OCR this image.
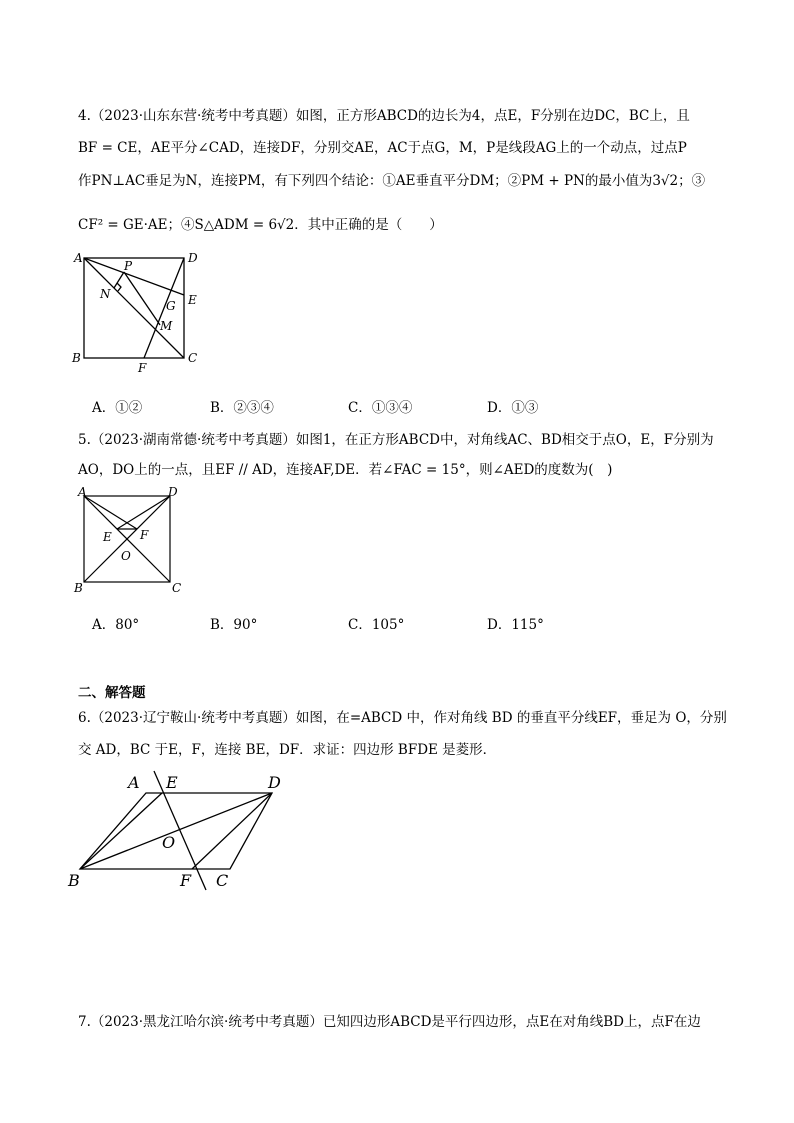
4.（2023·山东东营·统考中考真题）如图，正方形ABCD的边长为4，点E，F分别在边DC，BC上，且
BF = CE，AE平分∠CAD，连接DF，分别交AE，AC于点G，M，P是线段AG上的一个动点，过点P
作PN⊥AC垂足为N，连接PM，有下列四个结论：①AE垂直平分DM；②PM + PN的最小值为3√2；③
CF² = GE·AE；④S△ADM = 6√2．其中正确的是（　　）
A	D
C
B
E
F
G
M
N
P
A．①②	B．②③④	C．①③④	D．①③
5.（2023·湖南常德·统考中考真题）如图1，在正方形ABCD中，对角线AC、BD相交于点O，E，F分别为
AO，DO上的一点，且EF // AD，连接AF,DE．若∠FAC = 15°，则∠AED的度数为(　)
A	D
C
B
E F
O
A．80°	B．90°	C．105°	D．115°
二、解答题
6.（2023·辽宁鞍山·统考中考真题）如图，在=ABCD 中，作对角线 BD 的垂直平分线EF，垂足为 O，分别
交 AD，BC 于E，F，连接 BE，DF．求证：四边形 BFDE 是菱形．
A E	D
C
F
B
O
7.（2023·黑龙江哈尔滨·统考中考真题）已知四边形ABCD是平行四边形，点E在对角线BD上，点F在边
